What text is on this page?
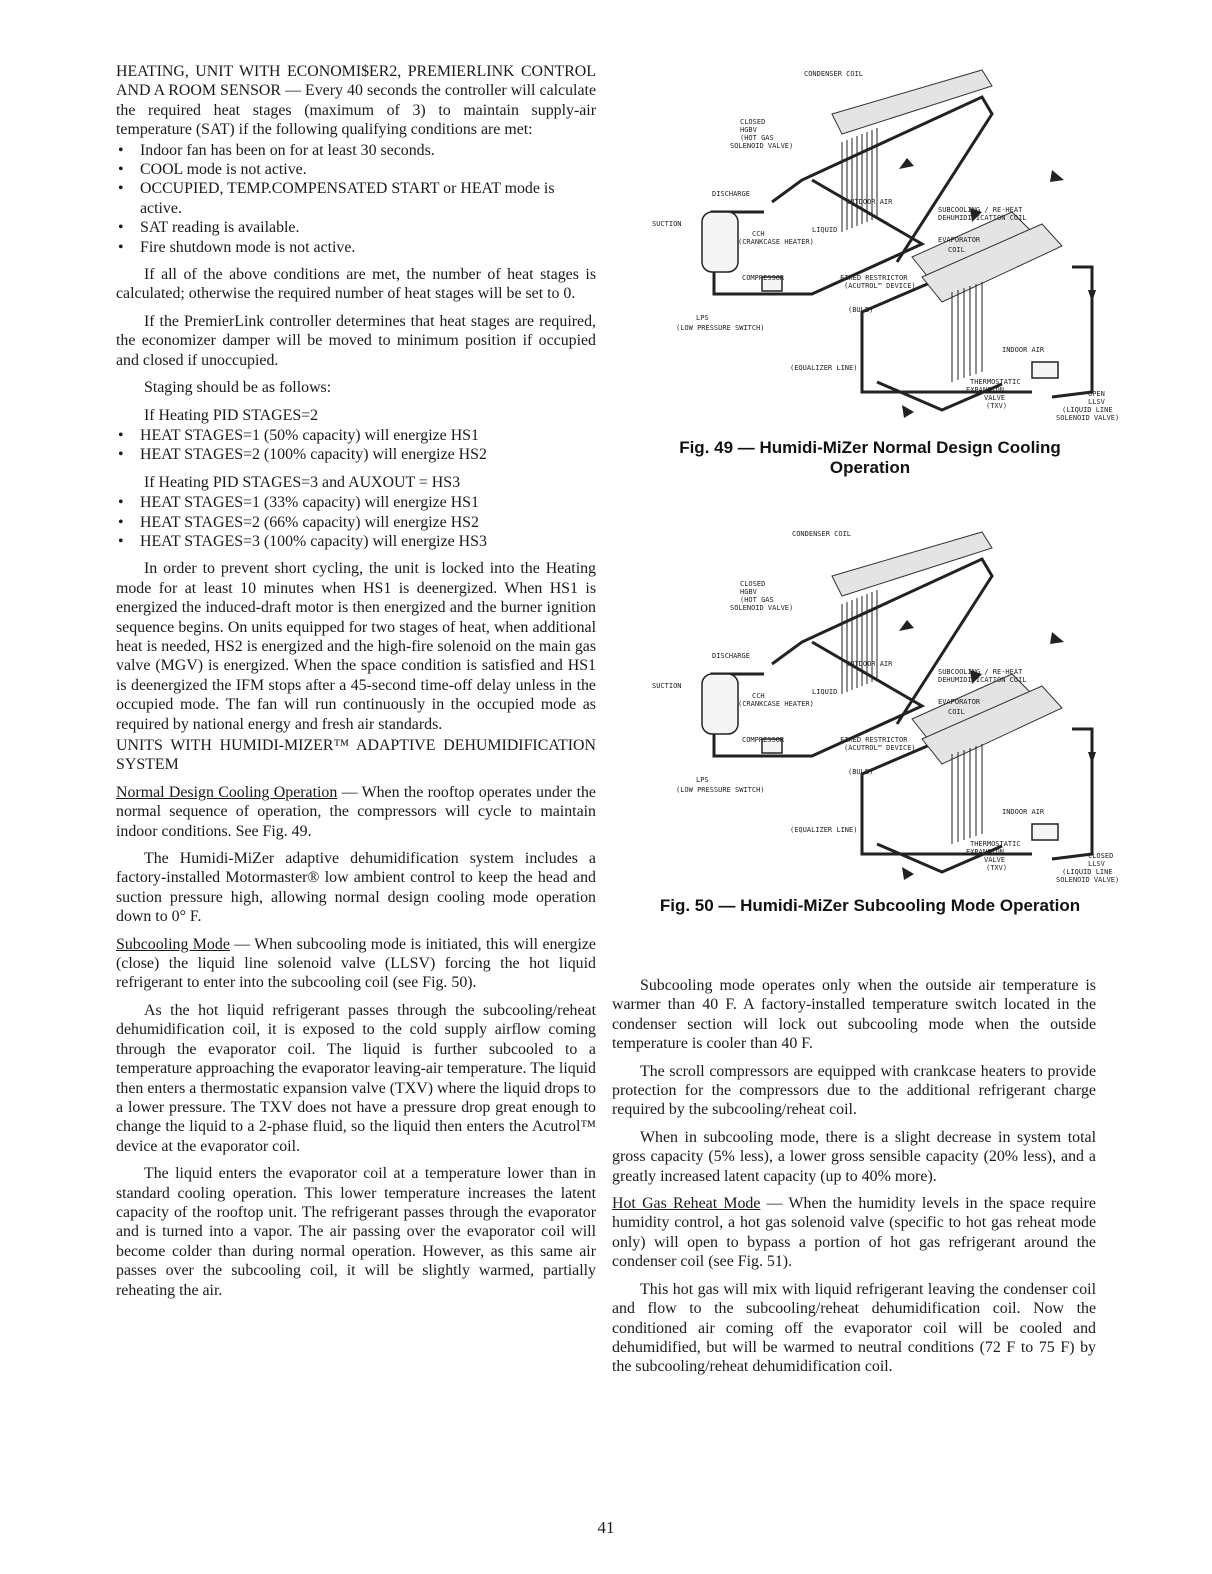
HEATING, UNIT WITH ECONOMI$ER2, PREMIERLINK CONTROL AND A ROOM SENSOR — Every 40 seconds the controller will calculate the required heat stages (maximum of 3) to maintain supply-air temperature (SAT) if the following qualifying conditions are met:

• Indoor fan has been on for at least 30 seconds.
• COOL mode is not active.
• OCCUPIED, TEMP.COMPENSATED START or HEAT mode is active.
• SAT reading is available.
• Fire shutdown mode is not active.

If all of the above conditions are met, the number of heat stages is calculated; otherwise the required number of heat stages will be set to 0.

If the PremierLink controller determines that heat stages are required, the economizer damper will be moved to minimum position if occupied and closed if unoccupied.

Staging should be as follows:

If Heating PID STAGES=2

• HEAT STAGES=1 (50% capacity) will energize HS1
• HEAT STAGES=2 (100% capacity) will energize HS2

If Heating PID STAGES=3 and AUXOUT = HS3

• HEAT STAGES=1 (33% capacity) will energize HS1
• HEAT STAGES=2 (66% capacity) will energize HS2
• HEAT STAGES=3 (100% capacity) will energize HS3

In order to prevent short cycling, the unit is locked into the Heating mode for at least 10 minutes when HS1 is deenergized. When HS1 is energized the induced-draft motor is then energized and the burner ignition sequence begins. On units equipped for two stages of heat, when additional heat is needed, HS2 is energized and the high-fire solenoid on the main gas valve (MGV) is energized. When the space condition is satisfied and HS1 is deenergized the IFM stops after a 45-second time-off delay unless in the occupied mode. The fan will run continuously in the occupied mode as required by national energy and fresh air standards.

UNITS WITH HUMIDI-MIZER™ ADAPTIVE DEHUMIDIFICATION SYSTEM

Normal Design Cooling Operation — When the rooftop operates under the normal sequence of operation, the compressors will cycle to maintain indoor conditions. See Fig. 49.

The Humidi-MiZer adaptive dehumidification system includes a factory-installed Motormaster® low ambient control to keep the head and suction pressure high, allowing normal design cooling mode operation down to 0° F.

Subcooling Mode — When subcooling mode is initiated, this will energize (close) the liquid line solenoid valve (LLSV) forcing the hot liquid refrigerant to enter into the subcooling coil (see Fig. 50).

As the hot liquid refrigerant passes through the subcooling/reheat dehumidification coil, it is exposed to the cold supply airflow coming through the evaporator coil. The liquid is further subcooled to a temperature approaching the evaporator leaving-air temperature. The liquid then enters a thermostatic expansion valve (TXV) where the liquid drops to a lower pressure. The TXV does not have a pressure drop great enough to change the liquid to a 2-phase fluid, so the liquid then enters the Acutrol™ device at the evaporator coil.

The liquid enters the evaporator coil at a temperature lower than in standard cooling operation. This lower temperature increases the latent capacity of the rooftop unit. The refrigerant passes through the evaporator and is turned into a vapor. The air passing over the evaporator coil will become colder than during normal operation. However, as this same air passes over the subcooling coil, it will be slightly warmed, partially reheating the air.

CONDENSER COIL
CLOSED
HGBV
(HOT GAS
SOLENOID VALVE)
DISCHARGE
OUTDOOR AIR
SUBCOOLING / RE-HEAT
DEHUMIDIFICATION COIL
SUCTION
LIQUID
CCH
(CRANKCASE HEATER)	EVAPORATOR
COIL
COMPRESSOR	FIXED RESTRICTOR
(ACUTROL™ DEVICE)
LPS
(LOW PRESSURE SWITCH)
(BULB)
(EQUALIZER LINE)
INDOOR AIR
THERMOSTATIC
EXPANSION
VALVE
(TXV)
OPEN
LLSV
(LIQUID LINE
SOLENOID VALVE)
Fig. 49 — Humidi-MiZer Normal Design Cooling Operation
CONDENSER COIL
CLOSED
HGBV
(HOT GAS
SOLENOID VALVE)
DISCHARGE
OUTDOOR AIR
SUBCOOLING / RE-HEAT
DEHUMIDIFICATION COIL
SUCTION
LIQUID
CCH
(CRANKCASE HEATER)	EVAPORATOR
COIL
COMPRESSOR	FIXED RESTRICTOR
(ACUTROL™ DEVICE)
LPS
(LOW PRESSURE SWITCH)
(BULB)
(EQUALIZER LINE)
INDOOR AIR
THERMOSTATIC
EXPANSION
VALVE
(TXV)
CLOSED
LLSV
(LIQUID LINE
SOLENOID VALVE)
Fig. 50 — Humidi-MiZer Subcooling Mode Operation

Subcooling mode operates only when the outside air temperature is warmer than 40 F. A factory-installed temperature switch located in the condenser section will lock out subcooling mode when the outside temperature is cooler than 40 F.

The scroll compressors are equipped with crankcase heaters to provide protection for the compressors due to the additional refrigerant charge required by the subcooling/reheat coil.

When in subcooling mode, there is a slight decrease in system total gross capacity (5% less), a lower gross sensible capacity (20% less), and a greatly increased latent capacity (up to 40% more).

Hot Gas Reheat Mode — When the humidity levels in the space require humidity control, a hot gas solenoid valve (specific to hot gas reheat mode only) will open to bypass a portion of hot gas refrigerant around the condenser coil (see Fig. 51).

This hot gas will mix with liquid refrigerant leaving the condenser coil and flow to the subcooling/reheat dehumidification coil. Now the conditioned air coming off the evaporator coil will be cooled and dehumidified, but will be warmed to neutral conditions (72 F to 75 F) by the subcooling/reheat dehumidification coil.

41
